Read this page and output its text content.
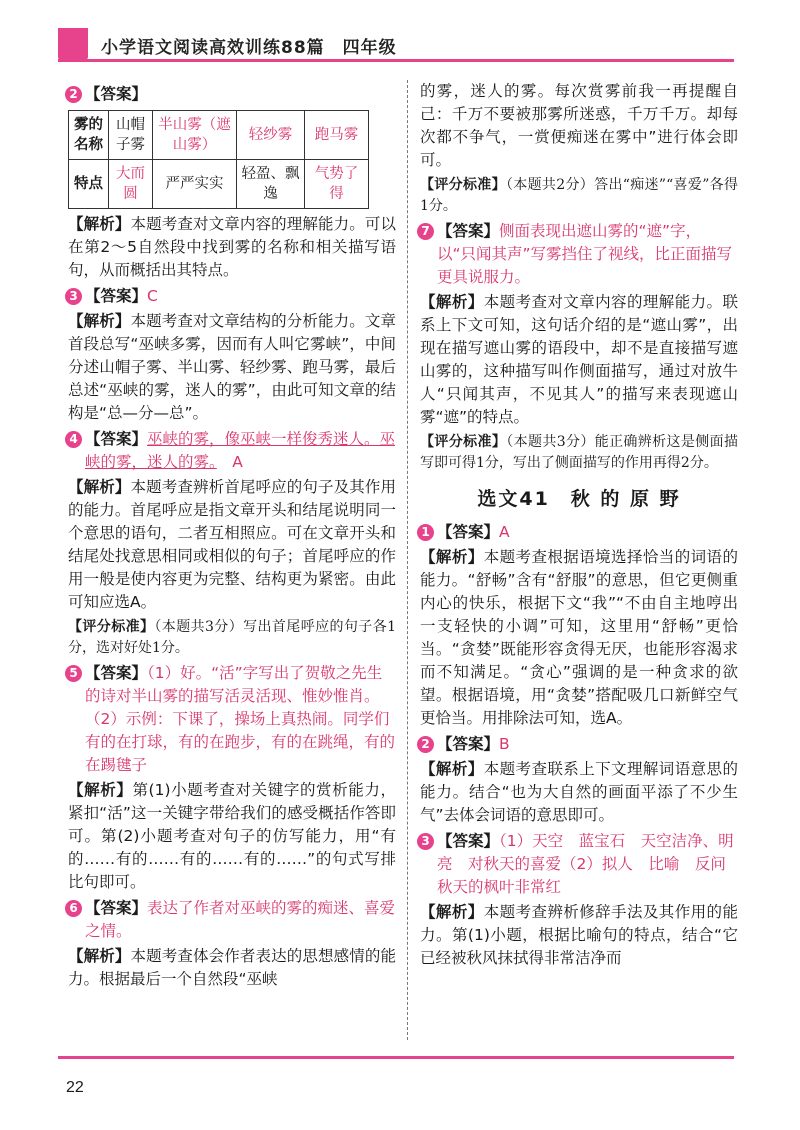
小学语文阅读高效训练88篇　四年级
2 【答案】
雾的名称	山帽子雾	半山雾（遮山雾）	轻纱雾	跑马雾
特点	大而圆	严严实实	轻盈、飘逸	气势了得

【解析】本题考查对文章内容的理解能力。可以在第2～5自然段中找到雾的名称和相关描写语句，从而概括出其特点。

3 【答案】C

【解析】本题考查对文章结构的分析能力。文章首段总写“巫峡多雾，因而有人叫它雾峡”，中间分述山帽子雾、半山雾、轻纱雾、跑马雾，最后总述“巫峡的雾，迷人的雾”，由此可知文章的结构是“总—分—总”。

4 【答案】巫峡的雾，像巫峡一样俊秀迷人。巫峡的雾，迷人的雾。　A

【解析】本题考查辨析首尾呼应的句子及其作用的能力。首尾呼应是指文章开头和结尾说明同一个意思的语句，二者互相照应。可在文章开头和结尾处找意思相同或相似的句子；首尾呼应的作用一般是使内容更为完整、结构更为紧密。由此可知应选A。

【评分标准】（本题共3分）写出首尾呼应的句子各1分，选对好处1分。

5 【答案】（1）好。“活”字写出了贺敬之先生的诗对半山雾的描写活灵活现、惟妙惟肖。（2）示例：下课了，操场上真热闹。同学们有的在打球，有的在跑步，有的在跳绳，有的在踢毽子

【解析】第(1)小题考查对关键字的赏析能力，紧扣“活”这一关键字带给我们的感受概括作答即可。第(2)小题考查对句子的仿写能力，用“有的……有的……有的……有的……”的句式写排比句即可。

6 【答案】表达了作者对巫峡的雾的痴迷、喜爱之情。

【解析】本题考查体会作者表达的思想感情的能力。根据最后一个自然段“巫峡

的雾，迷人的雾。每次赏雾前我一再提醒自己：千万不要被那雾所迷惑，千万千万。却每次都不争气，一赏便痴迷在雾中”进行体会即可。

【评分标准】（本题共2分）答出“痴迷”“喜爱”各得1分。

7 【答案】侧面表现出遮山雾的“遮”字，以“只闻其声”写雾挡住了视线，比正面描写更具说服力。

【解析】本题考查对文章内容的理解能力。联系上下文可知，这句话介绍的是“遮山雾”，出现在描写遮山雾的语段中，却不是直接描写遮山雾的，这种描写叫作侧面描写，通过对放牛人“只闻其声，不见其人”的描写来表现遮山雾“遮”的特点。

【评分标准】（本题共3分）能正确辨析这是侧面描写即可得1分，写出了侧面描写的作用再得2分。

选文41　秋 的 原 野
1 【答案】A

【解析】本题考查根据语境选择恰当的词语的能力。“舒畅”含有“舒服”的意思，但它更侧重内心的快乐，根据下文“我”“不由自主地哼出一支轻快的小调”可知，这里用“舒畅”更恰当。“贪婪”既能形容贪得无厌，也能形容渴求而不知满足。“贪心”强调的是一种贪求的欲望。根据语境，用“贪婪”搭配吸几口新鲜空气更恰当。用排除法可知，选A。

2 【答案】B

【解析】本题考查联系上下文理解词语意思的能力。结合“也为大自然的画面平添了不少生气”去体会词语的意思即可。

3 【答案】（1）天空　蓝宝石　天空洁净、明亮　对秋天的喜爱（2）拟人　比喻　反问　秋天的枫叶非常红

【解析】本题考查辨析修辞手法及其作用的能力。第(1)小题，根据比喻句的特点，结合“它已经被秋风抹拭得非常洁净而

22
